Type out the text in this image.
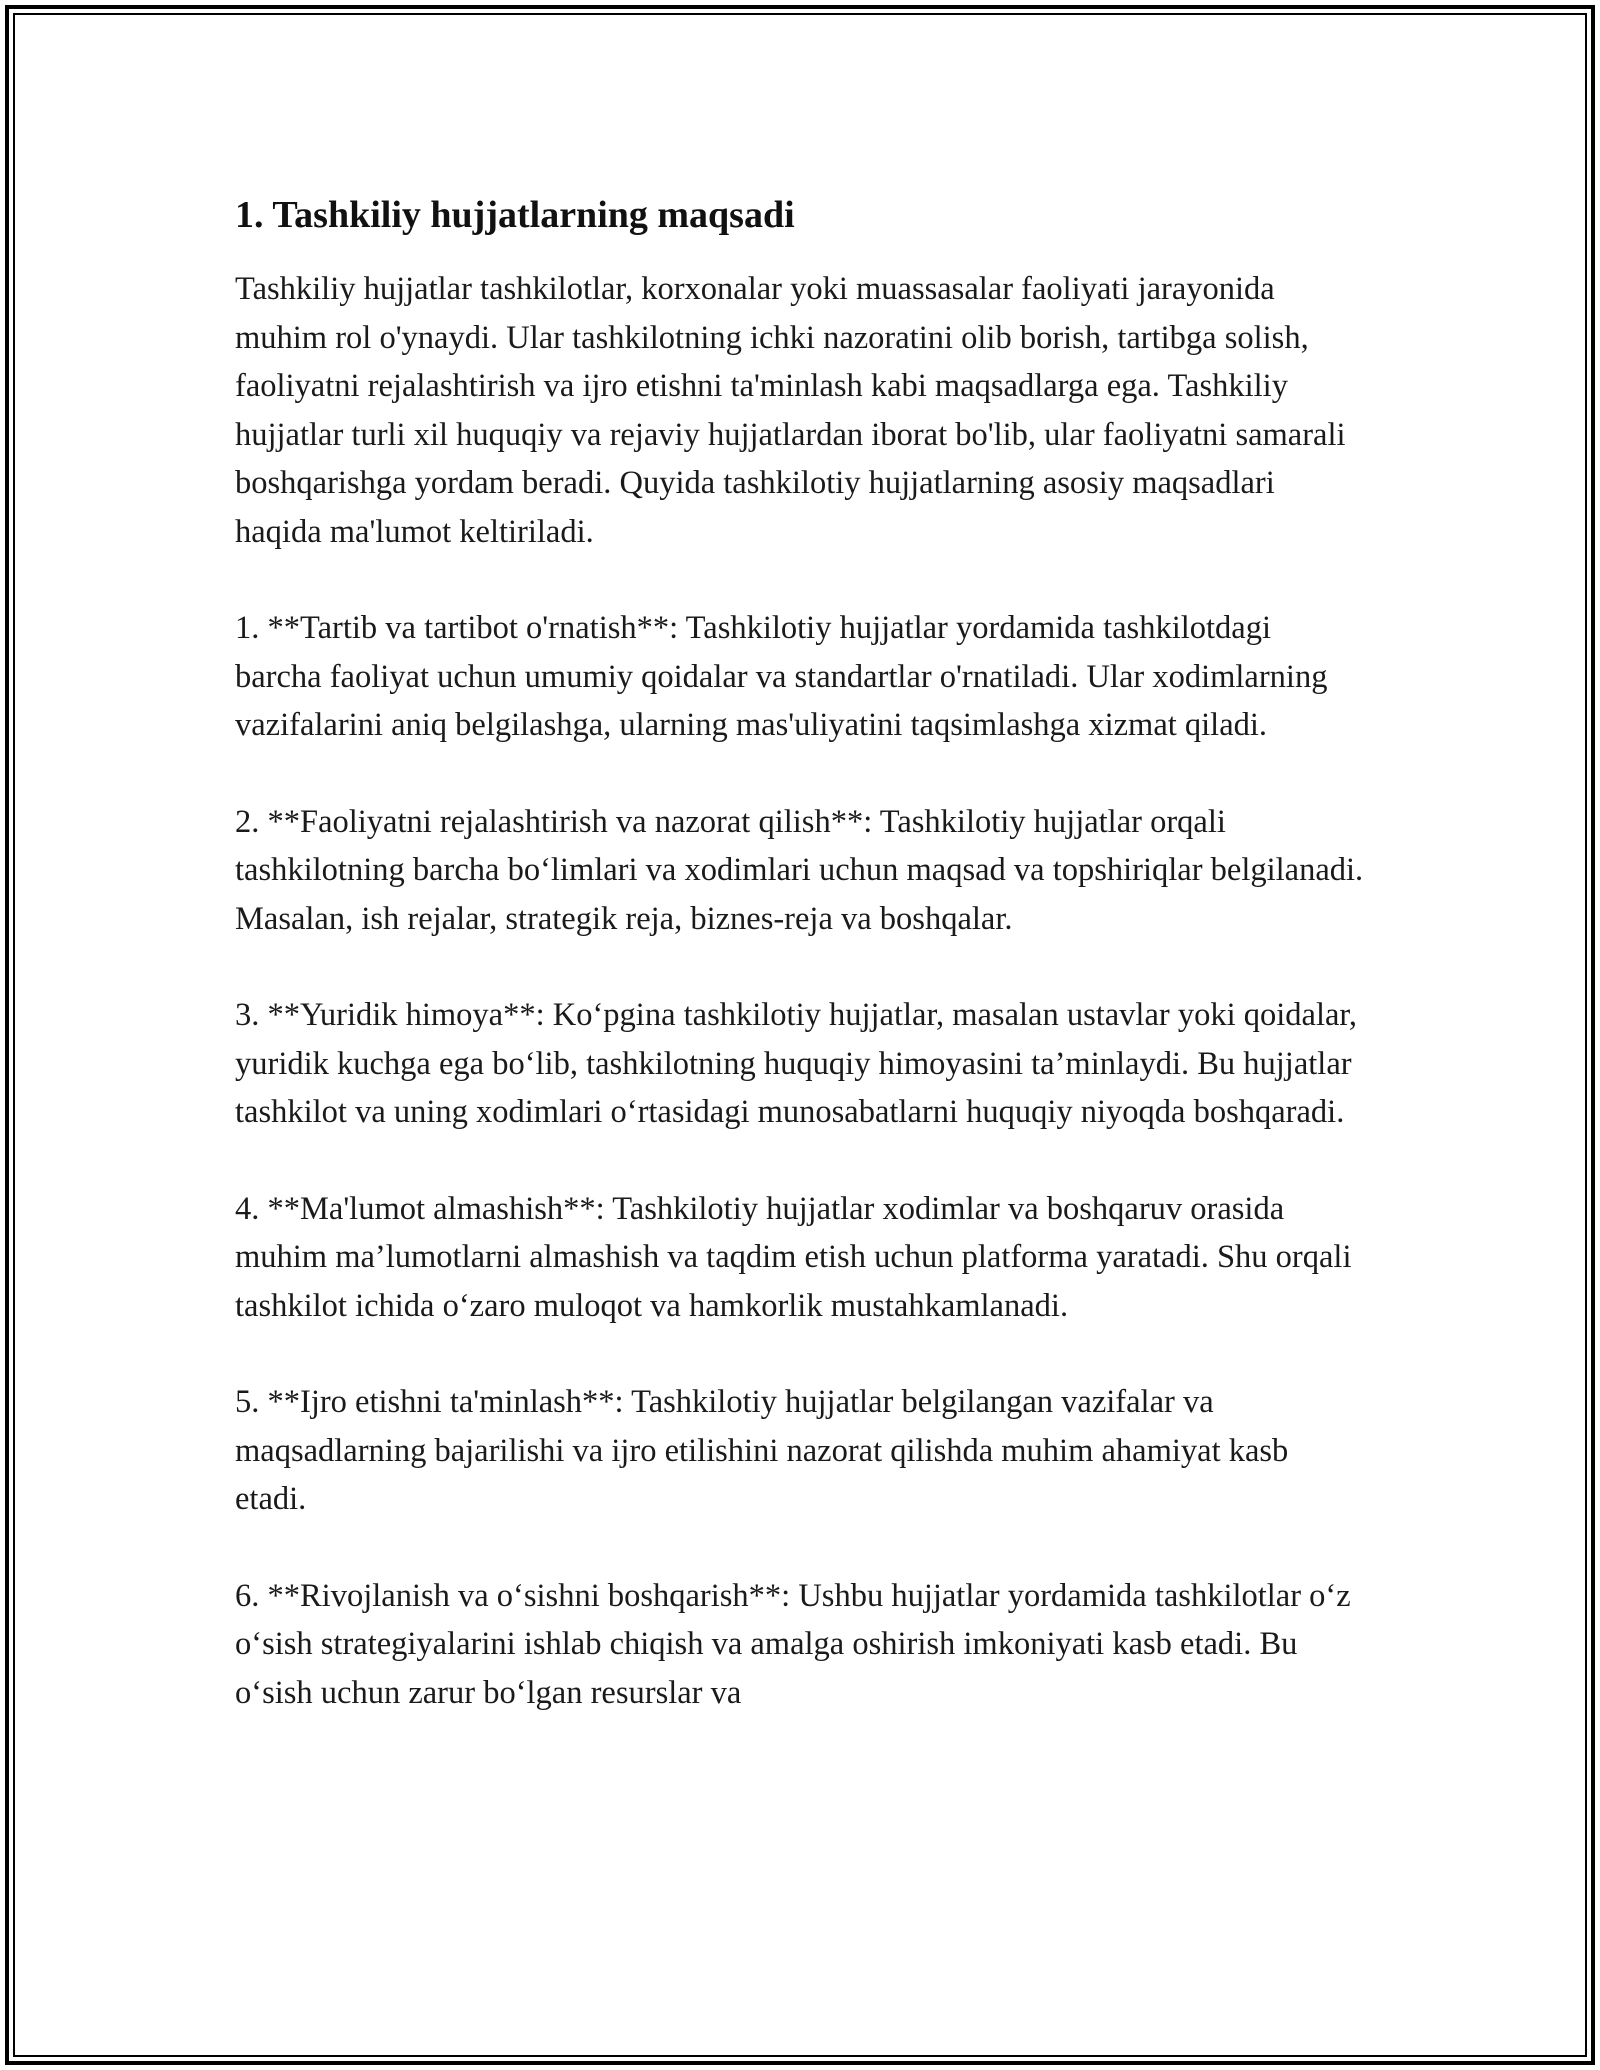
1. Tashkiliy hujjatlarning maqsadi

Tashkiliy hujjatlar tashkilotlar, korxonalar yoki muassasalar faoliyati jarayonida muhim rol o'ynaydi. Ular tashkilotning ichki nazoratini olib borish, tartibga solish, faoliyatni rejalashtirish va ijro etishni ta'minlash kabi maqsadlarga ega. Tashkiliy hujjatlar turli xil huquqiy va rejaviy hujjatlardan iborat bo'lib, ular faoliyatni samarali boshqarishga yordam beradi. Quyida tashkilotiy hujjatlarning asosiy maqsadlari haqida ma'lumot keltiriladi.

1. **Tartib va tartibot o'rnatish**: Tashkilotiy hujjatlar yordamida tashkilotdagi barcha faoliyat uchun umumiy qoidalar va standartlar o'rnatiladi. Ular xodimlarning vazifalarini aniq belgilashga, ularning mas'uliyatini taqsimlashga xizmat qiladi.

2. **Faoliyatni rejalashtirish va nazorat qilish**: Tashkilotiy hujjatlar orqali tashkilotning barcha bo‘limlari va xodimlari uchun maqsad va topshiriqlar belgilanadi. Masalan, ish rejalar, strategik reja, biznes-reja va boshqalar.

3. **Yuridik himoya**: Ko‘pgina tashkilotiy hujjatlar, masalan ustavlar yoki qoidalar, yuridik kuchga ega bo‘lib, tashkilotning huquqiy himoyasini ta’minlaydi. Bu hujjatlar tashkilot va uning xodimlari o‘rtasidagi munosabatlarni huquqiy niyoqda boshqaradi.

4. **Ma'lumot almashish**: Tashkilotiy hujjatlar xodimlar va boshqaruv orasida muhim ma’lumotlarni almashish va taqdim etish uchun platforma yaratadi. Shu orqali tashkilot ichida o‘zaro muloqot va hamkorlik mustahkamlanadi.

5. **Ijro etishni ta'minlash**: Tashkilotiy hujjatlar belgilangan vazifalar va maqsadlarning bajarilishi va ijro etilishini nazorat qilishda muhim ahamiyat kasb etadi.

6. **Rivojlanish va o‘sishni boshqarish**: Ushbu hujjatlar yordamida tashkilotlar o‘z o‘sish strategiyalarini ishlab chiqish va amalga oshirish imkoniyati kasb etadi. Bu o‘sish uchun zarur bo‘lgan resurslar va
